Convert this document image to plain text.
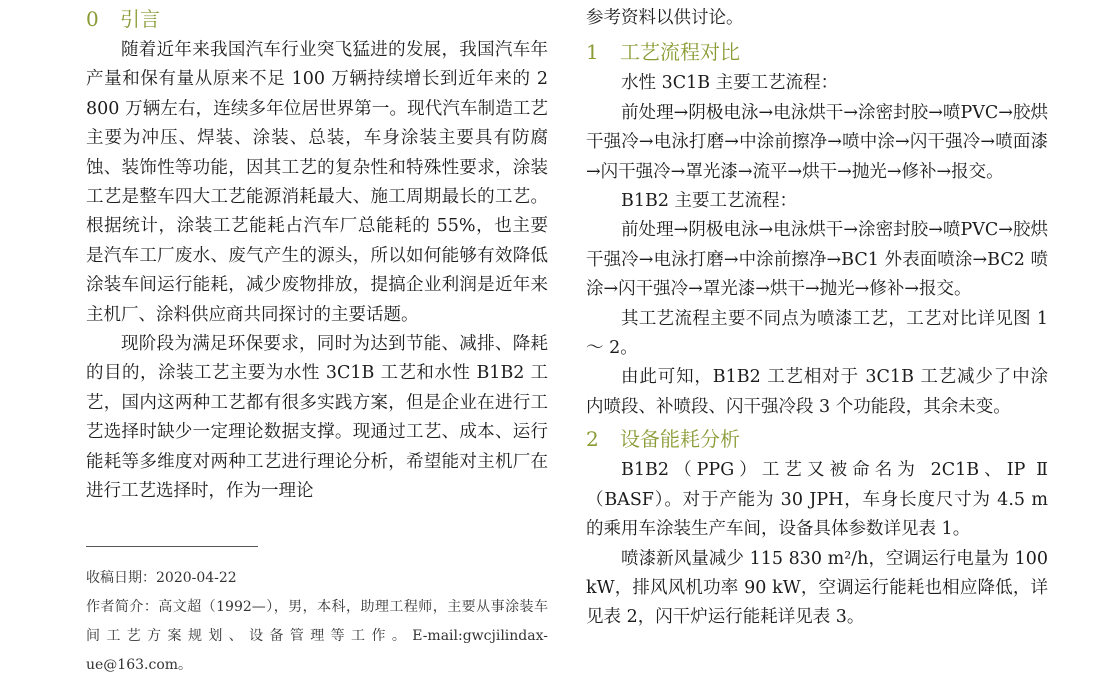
0 引言

随着近年来我国汽车行业突飞猛进的发展，我国汽车年产量和保有量从原来不足 100 万辆持续增长到近年来的 2 800 万辆左右，连续多年位居世界第一。现代汽车制造工艺主要为冲压、焊装、涂装、总装，车身涂装主要具有防腐蚀、装饰性等功能，因其工艺的复杂性和特殊性要求，涂装工艺是整车四大工艺能源消耗最大、施工周期最长的工艺。根据统计，涂装工艺能耗占汽车厂总能耗的 55%，也主要是汽车工厂废水、废气产生的源头，所以如何能够有效降低涂装车间运行能耗，减少废物排放，提搞企业利润是近年来主机厂、涂料供应商共同探讨的主要话题。

现阶段为满足环保要求，同时为达到节能、减排、降耗的目的，涂装工艺主要为水性 3C1B 工艺和水性 B1B2 工艺，国内这两种工艺都有很多实践方案，但是企业在进行工艺选择时缺少一定理论数据支撑。现通过工艺、成本、运行能耗等多维度对两种工艺进行理论分析，希望能对主机厂在进行工艺选择时，作为一理论

收稿日期：2020-04-22

作者简介：高文超（1992—），男，本科，助理工程师，主要从事涂装车间工艺方案规划、设备管理等工作。E-mail:gwcjilindax-ue@163.com。

参考资料以供讨论。

1 工艺流程对比

水性 3C1B 主要工艺流程：

前处理→阴极电泳→电泳烘干→涂密封胶→喷PVC→胶烘干强冷→电泳打磨→中涂前擦净→喷中涂→闪干强冷→喷面漆→闪干强冷→罩光漆→流平→烘干→抛光→修补→报交。

B1B2 主要工艺流程：

前处理→阴极电泳→电泳烘干→涂密封胶→喷PVC→胶烘干强冷→电泳打磨→中涂前擦净→BC1 外表面喷涂→BC2 喷涂→闪干强冷→罩光漆→烘干→抛光→修补→报交。

其工艺流程主要不同点为喷漆工艺，工艺对比详见图 1 ～ 2。

由此可知，B1B2 工艺相对于 3C1B 工艺减少了中涂内喷段、补喷段、闪干强冷段 3 个功能段，其余未变。

2 设备能耗分析

B1B2（PPG）工艺又被命名为 2C1B、IP Ⅱ（BASF）。对于产能为 30 JPH，车身长度尺寸为 4.5 m 的乘用车涂装生产车间，设备具体参数详见表 1。

喷漆新风量减少 115 830 m²/h，空调运行电量为 100 kW，排风风机功率 90 kW，空调运行能耗也相应降低，详见表 2，闪干炉运行能耗详见表 3。
